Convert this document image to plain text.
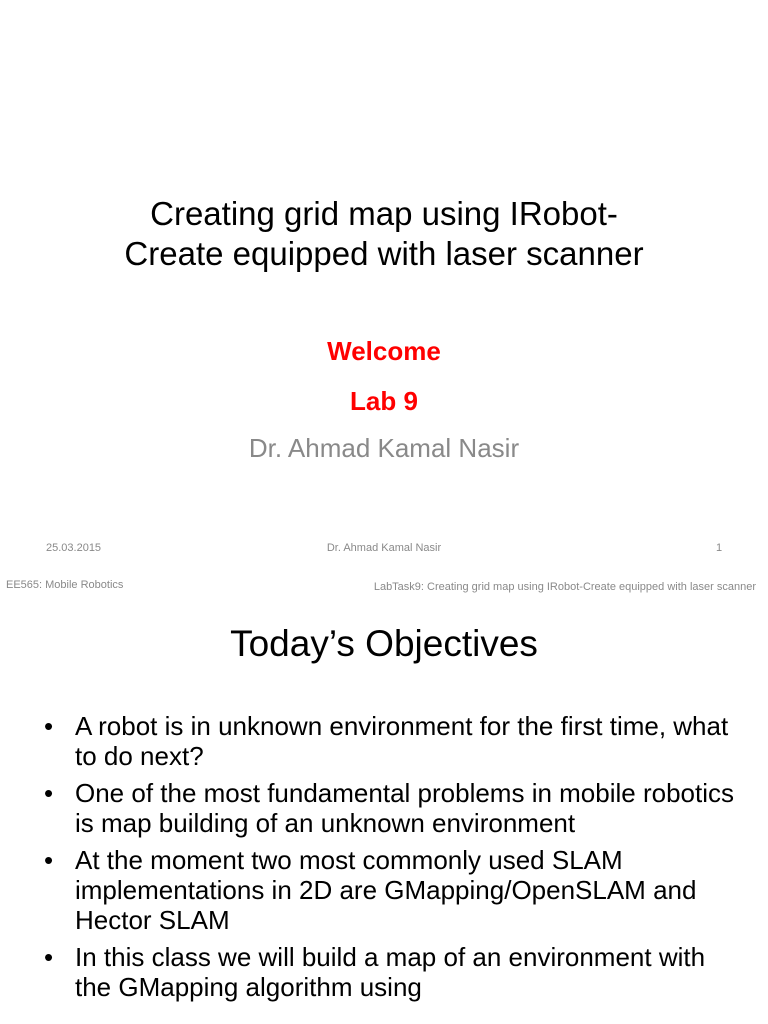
Creating grid map using IRobot-
Create equipped with laser scanner
Welcome
Lab 9
Dr. Ahmad Kamal Nasir
25.03.2015	Dr. Ahmad Kamal Nasir	1
EE565: Mobile Robotics	LabTask9: Creating grid map using IRobot-Create equipped with laser scanner
Today’s Objectives
• A robot is in unknown environment for the first time, what to do next?
• One of the most fundamental problems in mobile robotics is map building of an unknown environment
• At the moment two most commonly used SLAM implementations in 2D are GMapping/OpenSLAM and Hector SLAM
• In this class we will build a map of an environment with the GMapping algorithm using
